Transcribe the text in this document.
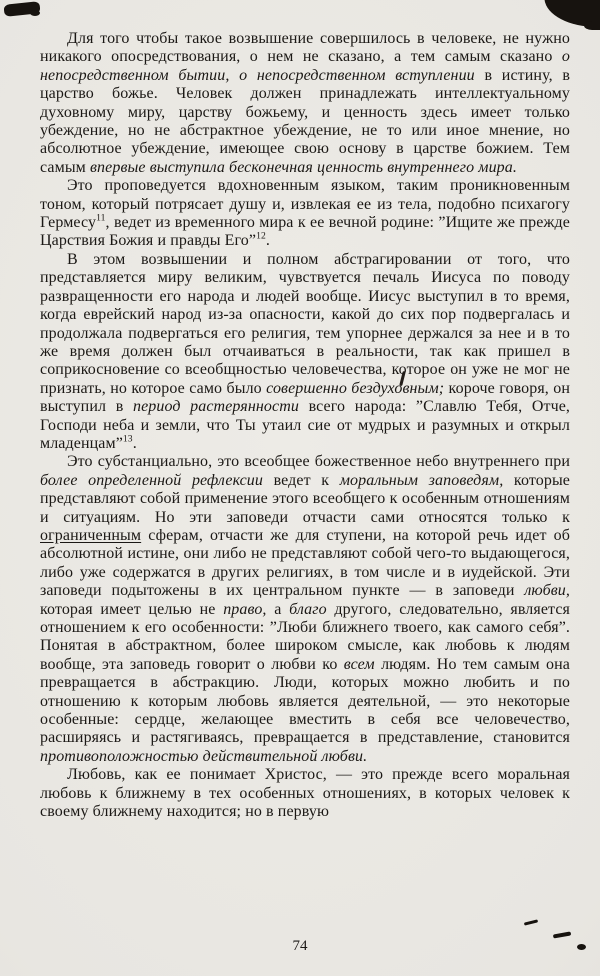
Для того чтобы такое возвышение совершилось в человеке, не нужно никакого опосредствования, о нем не сказано, а тем самым сказано о непосредственном бытии, о непосредственном вступлении в истину, в царство божье. Человек должен принадлежать интеллектуальному духовному миру, царству божьему, и ценность здесь имеет только убеждение, но не абстрактное убеждение, не то или иное мнение, но абсолютное убеждение, имеющее свою основу в царстве божием. Тем самым впервые выступила бесконечная ценность внутреннего мира.

Это проповедуется вдохновенным языком, таким проникновенным тоном, который потрясает душу и, извлекая ее из тела, подобно психагогу Гермесу$^{11}$, ведет из временно́го мира к ее вечной родине: ”Ищите же прежде Царствия Божия и правды Его”$^{12}$.

В этом возвышении и полном абстрагировании от того, что представляется миру великим, чувствуется печаль Иисуса по поводу развращенности его народа и людей вообще. Иисус выступил в то время, когда еврейский народ из-за опасности, какой до сих пор подвергалась и продолжала подвергаться его религия, тем упорнее держался за нее и в то же время должен был отчаиваться в реальности, так как пришел в соприкосновение со всеобщностью человечества, которое он уже не мог не признать, но которое само было совершенно бездуховным; короче говоря, он выступил в период растерянности всего народа: ”Славлю Тебя, Отче, Господи неба и земли, что Ты утаил сие от мудрых и разумных и открыл младенцам”$^{13}$.

Это субстанциально, это всеобщее божественное небо внутреннего при более определенной рефлексии ведет к моральным заповедям, которые представляют собой применение этого всеобщего к особенным отношениям и ситуациям. Но эти заповеди отчасти сами относятся только к ограниченным сферам, отчасти же для ступени, на которой речь идет об абсолютной истине, они либо не представляют собой чего-то выдающегося, либо уже содержатся в других религиях, в том числе и в иудейской. Эти заповеди подытожены в их центральном пункте — в заповеди любви, которая имеет целью не право, а благо другого, следовательно, является отношением к его особенности: ”Люби ближнего твоего, как самого себя”. Понятая в абстрактном, более широком смысле, как любовь к людям вообще, эта заповедь говорит о любви ко всем людям. Но тем самым она превращается в абстракцию. Люди, которых можно любить и по отношению к которым любовь является деятельной, — это некоторые особенные: сердце, желающее вместить в себя все человечество, расширяясь и растягиваясь, превращается в представление, становится противоположностью действительной любви.

Любовь, как ее понимает Христос, — это прежде всего моральная любовь к ближнему в тех особенных отношениях, в которых человек к своему ближнему находится; но в первую

74
